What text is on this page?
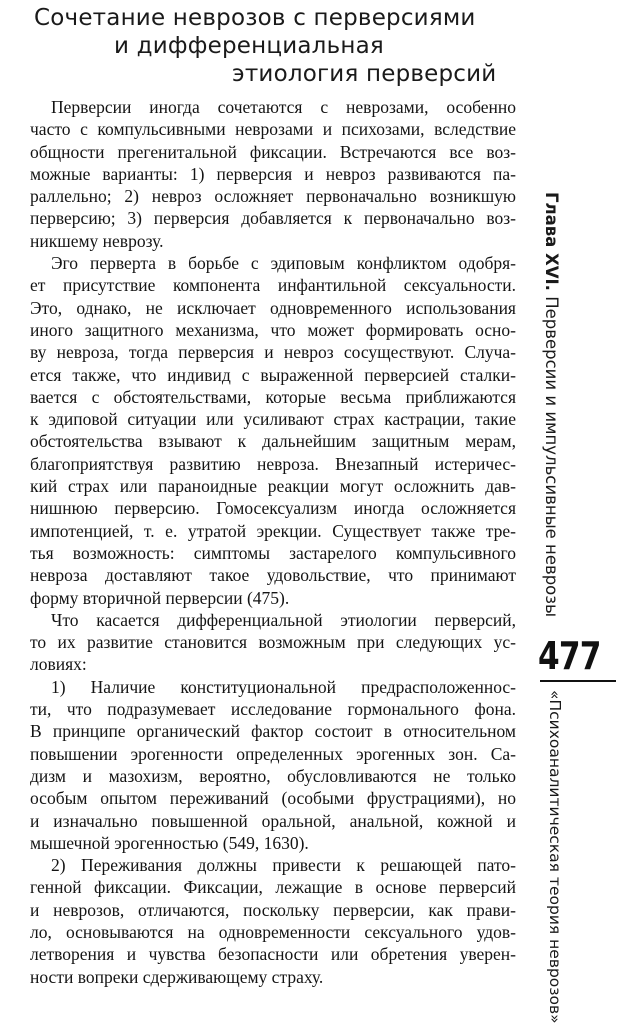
Сочетание неврозов с перверсиями
и дифференциальная
этиология перверсий
Перверсии иногда сочетаются с неврозами, особенно
часто с компульсивными неврозами и психозами, вследствие
общности прегенитальной фиксации. Встречаются все воз-
можные варианты: 1) перверсия и невроз развиваются па-
раллельно; 2) невроз осложняет первоначально возникшую
перверсию; 3) перверсия добавляется к первоначально воз-
никшему неврозу.
Эго перверта в борьбе с эдиповым конфликтом одобря-
ет присутствие компонента инфантильной сексуальности.
Это, однако, не исключает одновременного использования
иного защитного механизма, что может формировать осно-
ву невроза, тогда перверсия и невроз сосуществуют. Случа-
ется также, что индивид с выраженной перверсией сталки-
вается с обстоятельствами, которые весьма приближаются
к эдиповой ситуации или усиливают страх кастрации, такие
обстоятельства взывают к дальнейшим защитным мерам,
благоприятствуя развитию невроза. Внезапный истеричес-
кий страх или параноидные реакции могут осложнить дав-
нишнюю перверсию. Гомосексуализм иногда осложняется
импотенцией, т. е. утратой эрекции. Существует также тре-
тья возможность: симптомы застарелого компульсивного
невроза доставляют такое удовольствие, что принимают
форму вторичной перверсии (475).
Что касается дифференциальной этиологии перверсий,
то их развитие становится возможным при следующих ус-
ловиях:
1) Наличие конституциональной предрасположеннос-
ти, что подразумевает исследование гормонального фона.
В принципе органический фактор состоит в относительном
повышении эрогенности определенных эрогенных зон. Са-
дизм и мазохизм, вероятно, обусловливаются не только
особым опытом переживаний (особыми фрустрациями), но
и изначально повышенной оральной, анальной, кожной и
мышечной эрогенностью (549, 1630).
2) Переживания должны привести к решающей пато-
генной фиксации. Фиксации, лежащие в основе перверсий
и неврозов, отличаются, поскольку перверсии, как прави-
ло, основываются на одновременности сексуального удов-
летворения и чувства безопасности или обретения уверен-
ности вопреки сдерживающему страху.
Глава XVI. Перверсии и импульсивные неврозы
477
«Психоаналитическая теория неврозов»
